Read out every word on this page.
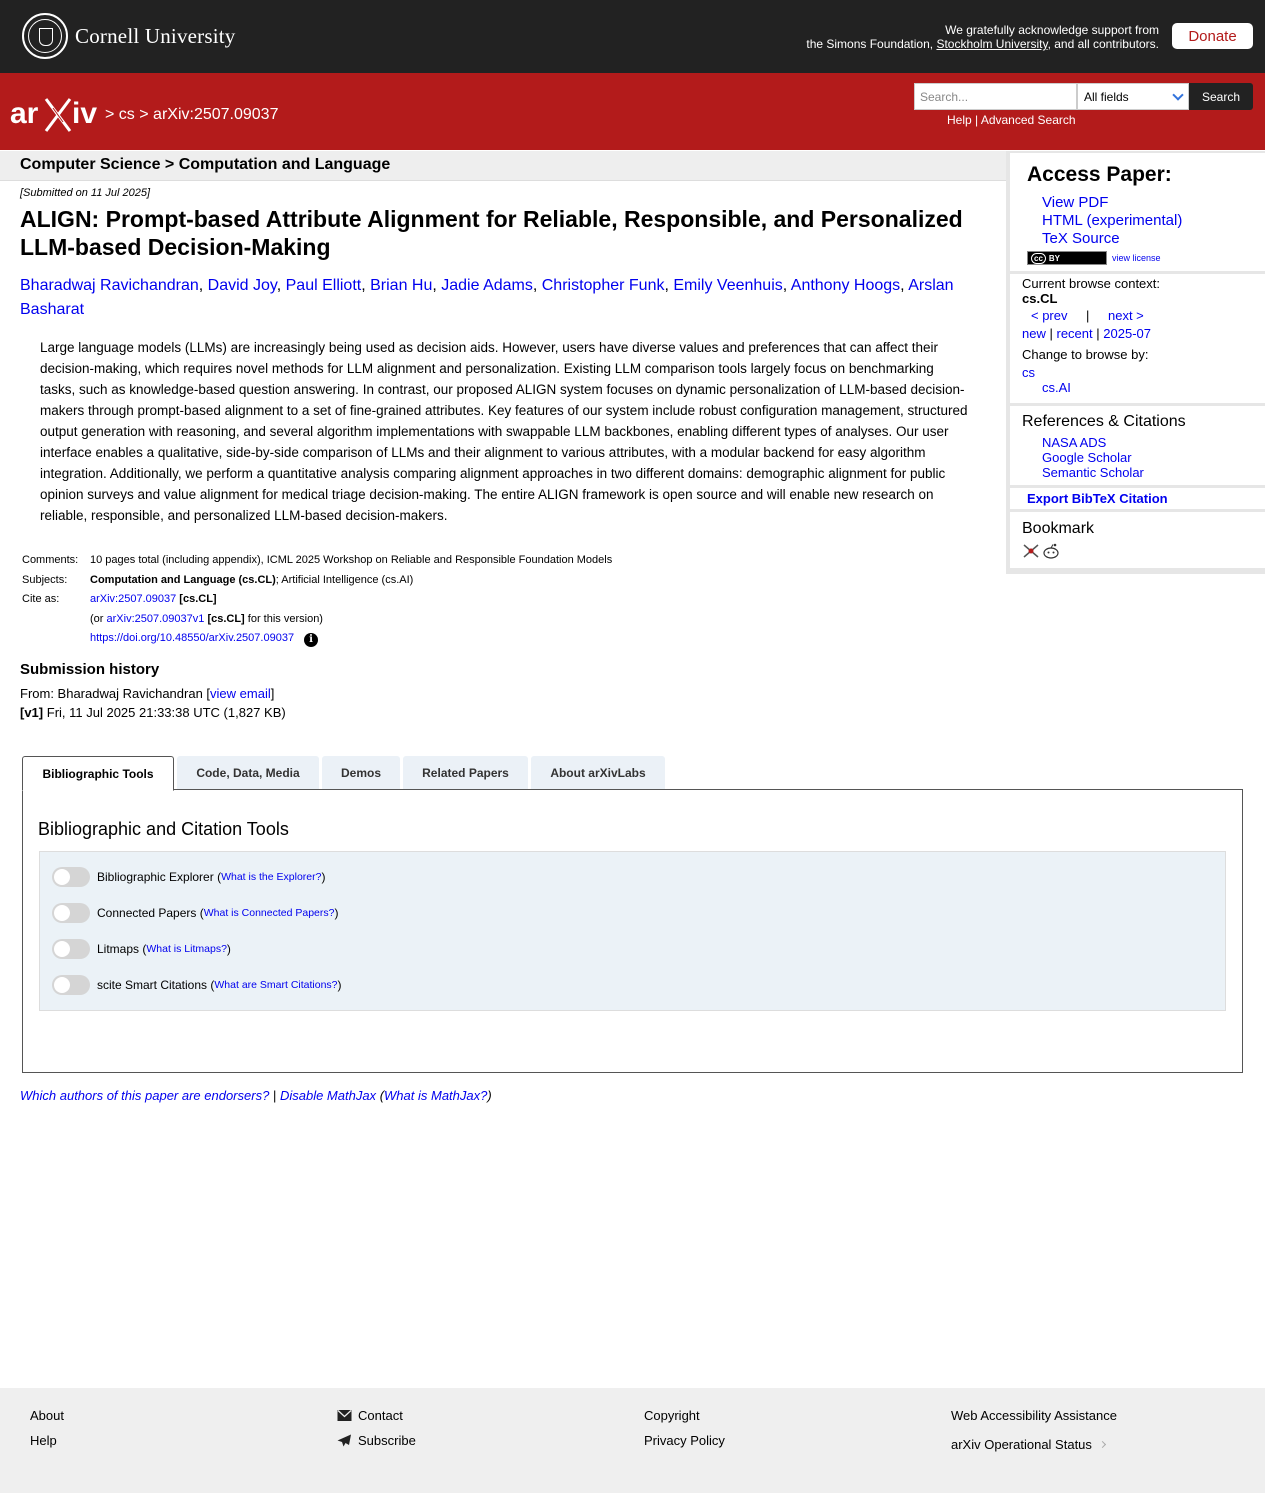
Cornell University	We gratefully acknowledge support from
the Simons Foundation, Stockholm University, and all contributors.	Donate
ar iv > cs > arXiv:2507.09037
Search...	All fields	Search
Help | Advanced Search
Computer Science > Computation and Language
[Submitted on 11 Jul 2025]
ALIGN: Prompt-based Attribute Alignment for Reliable, Responsible, and Personalized LLM-based Decision-Making
Bharadwaj Ravichandran, David Joy, Paul Elliott, Brian Hu, Jadie Adams, Christopher Funk, Emily Veenhuis, Anthony Hoogs, Arslan Basharat

Large language models (LLMs) are increasingly being used as decision aids. However, users have diverse values and preferences that can affect their decision-making, which requires novel methods for LLM alignment and personalization. Existing LLM comparison tools largely focus on benchmarking tasks, such as knowledge-based question answering. In contrast, our proposed ALIGN system focuses on dynamic personalization of LLM-based decision-makers through prompt-based alignment to a set of fine-grained attributes. Key features of our system include robust configuration management, structured output generation with reasoning, and several algorithm implementations with swappable LLM backbones, enabling different types of analyses. Our user interface enables a qualitative, side-by-side comparison of LLMs and their alignment to various attributes, with a modular backend for easy algorithm integration. Additionally, we perform a quantitative analysis comparing alignment approaches in two different domains: demographic alignment for public opinion surveys and value alignment for medical triage decision-making. The entire ALIGN framework is open source and will enable new research on reliable, responsible, and personalized LLM-based decision-makers.

Comments:	10 pages total (including appendix), ICML 2025 Workshop on Reliable and Responsible Foundation Models
Subjects:	Computation and Language (cs.CL); Artificial Intelligence (cs.AI)
Cite as:	arXiv:2507.09037 [cs.CL]
	(or arXiv:2507.09037v1 [cs.CL] for this version)
	https://doi.org/10.48550/arXiv.2507.09037 i
Submission history
From: Bharadwaj Ravichandran [view email]
[v1] Fri, 11 Jul 2025 21:33:38 UTC (1,827 KB)
Access Paper:
View PDF
HTML (experimental)
TeX Source
cc BY	view license
Current browse context:
cs.CL
< prev | next >
new | recent | 2025-07
Change to browse by:
cs
cs.AI
References & Citations
NASA ADS
Google Scholar
Semantic Scholar
Export BibTeX Citation
Bookmark
Bibliographic Tools	Code, Data, Media	Demos	Related Papers	About arXivLabs
Bibliographic and Citation Tools
Bibliographic Explorer ( What is the Explorer? )
Connected Papers ( What is Connected Papers? )
Litmaps ( What is Litmaps? )
scite Smart Citations ( What are Smart Citations? )
Which authors of this paper are endorsers? | Disable MathJax (What is MathJax?)
About
Help
Contact
Subscribe
Copyright
Privacy Policy
Web Accessibility Assistance
arXiv Operational Status
